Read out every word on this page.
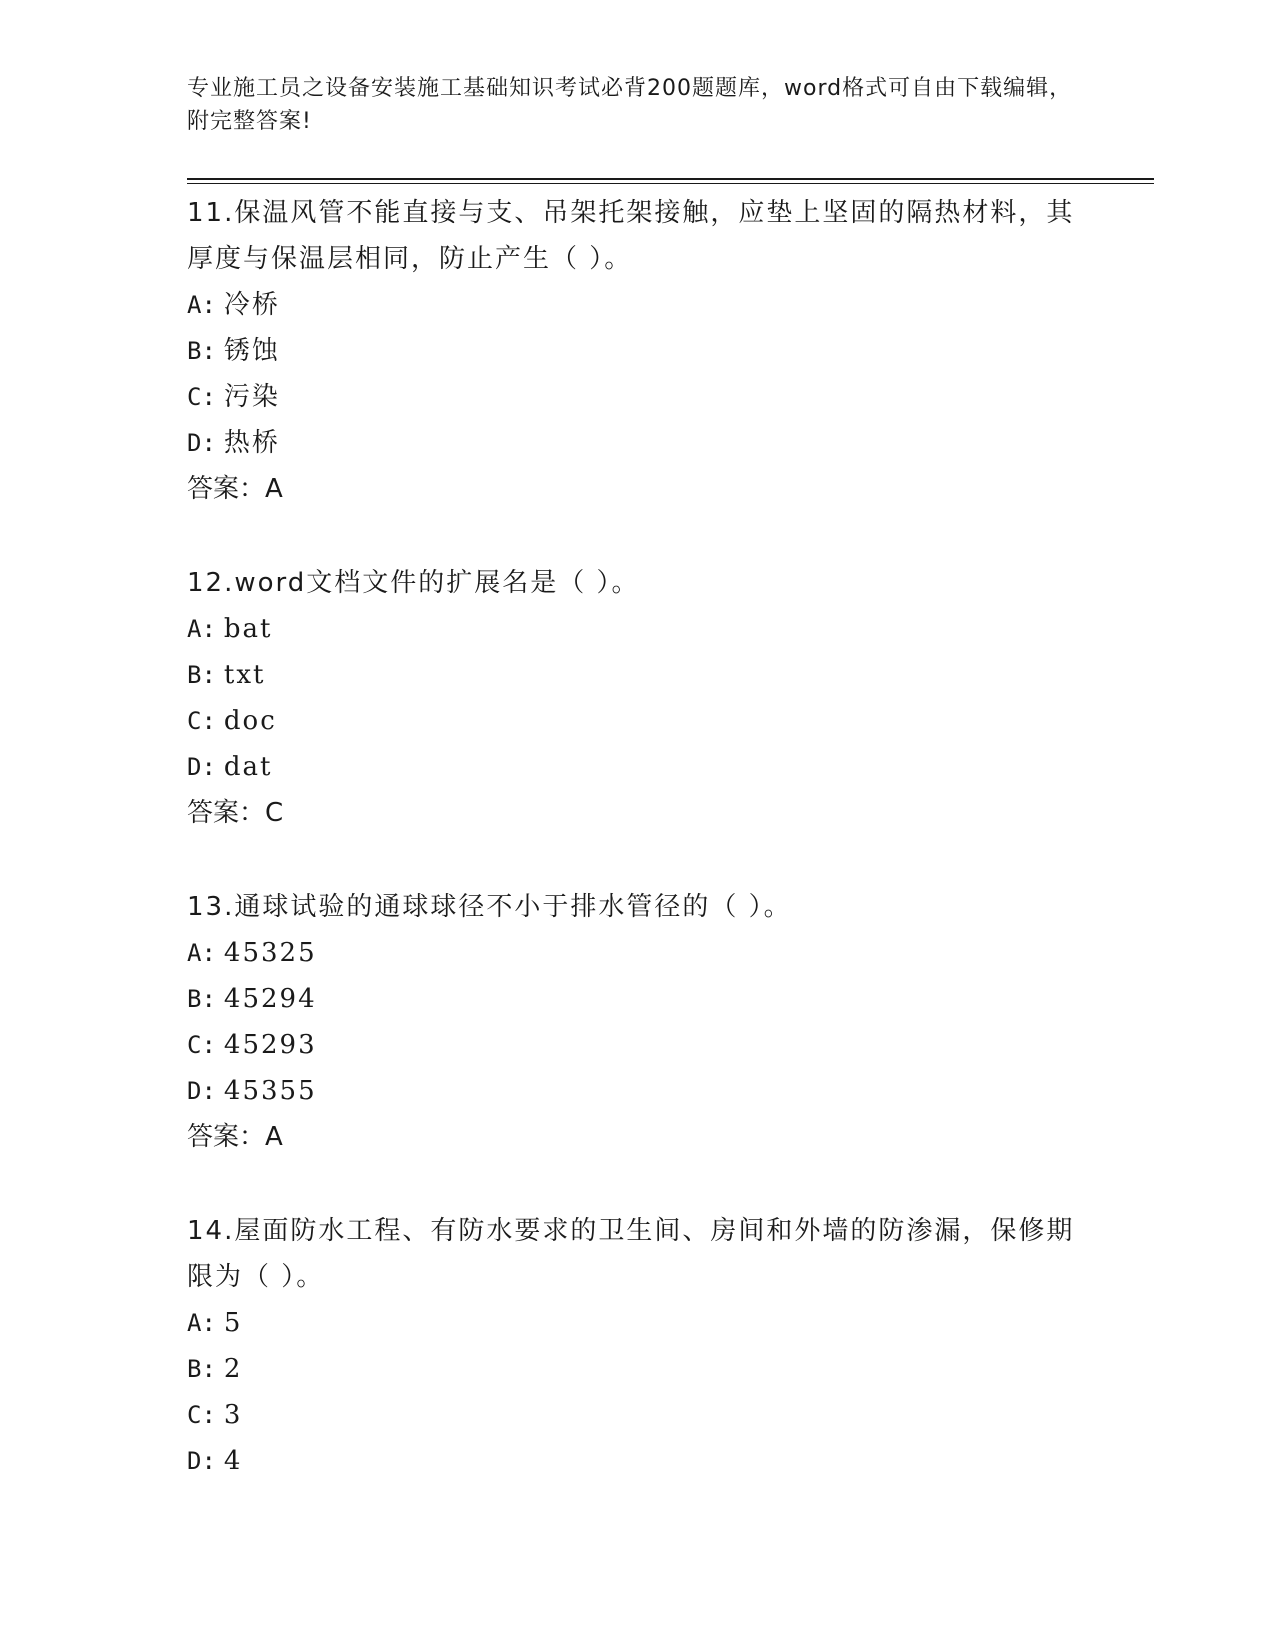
专业施工员之设备安装施工基础知识考试必背200题题库，word格式可自由下载编辑，附完整答案!

11.保温风管不能直接与支、吊架托架接触，应垫上坚固的隔热材料，其厚度与保温层相同，防止产生（ ）。

A: 冷桥
B: 锈蚀
C: 污染
D: 热桥
答案：A

12.word文档文件的扩展名是（ ）。

A: bat
B: txt
C: doc
D: dat
答案：C

13.通球试验的通球球径不小于排水管径的（ ）。

A: 45325
B: 45294
C: 45293
D: 45355
答案：A

14.屋面防水工程、有防水要求的卫生间、房间和外墙的防渗漏，保修期限为（ ）。

A: 5
B: 2
C: 3
D: 4
